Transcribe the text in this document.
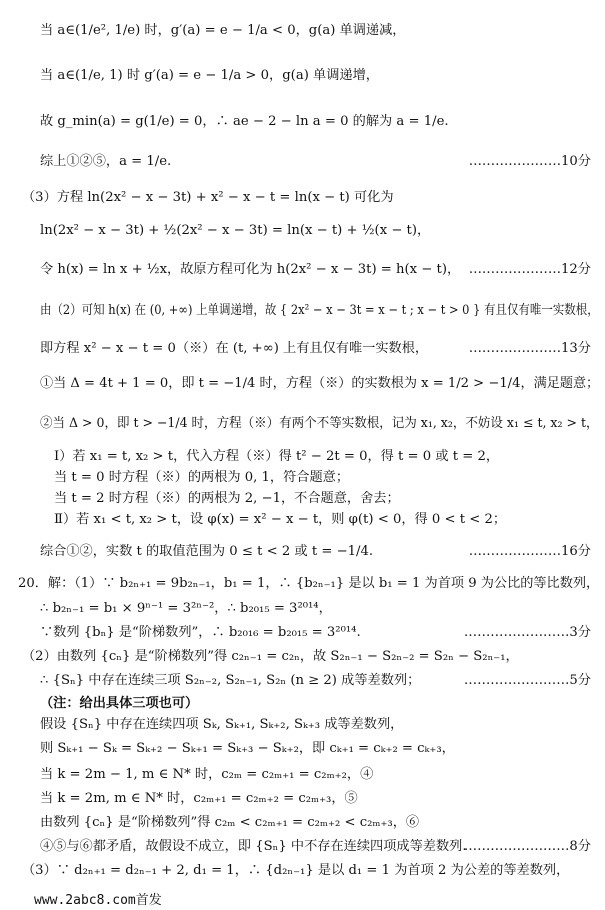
当 a∈(1/e², 1/e) 时，g′(a) = e − 1/a < 0，g(a) 单调递减，
当 a∈(1/e, 1) 时 g′(a) = e − 1/a > 0，g(a) 单调递增，
故 g_min(a) = g(1/e) = 0，∴ ae − 2 − ln a = 0 的解为 a = 1/e.
综上①②⑤，a = 1/e.	…………………10分
（3）方程 ln(2x² − x − 3t) + x² − x − t = ln(x − t) 可化为
ln(2x² − x − 3t) + ½(2x² − x − 3t) = ln(x − t) + ½(x − t)，
令 h(x) = ln x + ½x，故原方程可化为 h(2x² − x − 3t) = h(x − t)， …………………12分
由（2）可知 h(x) 在 (0, +∞) 上单调递增，故 { 2x² − x − 3t = x − t ; x − t > 0 } 有且仅有唯一实数根，
即方程 x² − x − t = 0（※）在 (t, +∞) 上有且仅有唯一实数根，	…………………13分
①当 Δ = 4t + 1 = 0，即 t = −1/4 时，方程（※）的实数根为 x = 1/2 > −1/4，满足题意；
②当 Δ > 0，即 t > −1/4 时，方程（※）有两个不等实数根，记为 x₁, x₂，不妨设 x₁ ≤ t, x₂ > t，
Ⅰ）若 x₁ = t, x₂ > t，代入方程（※）得 t² − 2t = 0，得 t = 0 或 t = 2，
当 t = 0 时方程（※）的两根为 0, 1，符合题意；
当 t = 2 时方程（※）的两根为 2, −1，不合题意，舍去；
Ⅱ）若 x₁ < t, x₂ > t，设 φ(x) = x² − x − t，则 φ(t) < 0，得 0 < t < 2；
综合①②，实数 t 的取值范围为 0 ≤ t < 2 或 t = −1/4.	…………………16分
20．解：（1）∵ b₂ₙ₊₁ = 9b₂ₙ₋₁，b₁ = 1，∴ {b₂ₙ₋₁} 是以 b₁ = 1 为首项 9 为公比的等比数列，
∴ b₂ₙ₋₁ = b₁ × 9ⁿ⁻¹ = 3²ⁿ⁻²，∴ b₂₀₁₅ = 3²⁰¹⁴，
∵数列 {bₙ} 是“阶梯数列”，∴ b₂₀₁₆ = b₂₀₁₅ = 3²⁰¹⁴.	……………………3分
（2）由数列 {cₙ} 是“阶梯数列”得 c₂ₙ₋₁ = c₂ₙ，故 S₂ₙ₋₁ − S₂ₙ₋₂ = S₂ₙ − S₂ₙ₋₁，
∴ {Sₙ} 中存在连续三项 S₂ₙ₋₂, S₂ₙ₋₁, S₂ₙ (n ≥ 2) 成等差数列；	……………………5分
（注：给出具体三项也可）
假设 {Sₙ} 中存在连续四项 Sₖ, Sₖ₊₁, Sₖ₊₂, Sₖ₊₃ 成等差数列，
则 Sₖ₊₁ − Sₖ = Sₖ₊₂ − Sₖ₊₁ = Sₖ₊₃ − Sₖ₊₂，即 cₖ₊₁ = cₖ₊₂ = cₖ₊₃，
当 k = 2m − 1, m ∈ N* 时，c₂ₘ = c₂ₘ₊₁ = c₂ₘ₊₂，④
当 k = 2m, m ∈ N* 时，c₂ₘ₊₁ = c₂ₘ₊₂ = c₂ₘ₊₃，⑤
由数列 {cₙ} 是“阶梯数列”得 c₂ₘ < c₂ₘ₊₁ = c₂ₘ₊₂ < c₂ₘ₊₃，⑥
④⑤与⑥都矛盾，故假设不成立，即 {Sₙ} 中不存在连续四项成等差数列.
……………………8分
（3）∵ d₂ₙ₊₁ = d₂ₙ₋₁ + 2, d₁ = 1，∴ {d₂ₙ₋₁} 是以 d₁ = 1 为首项 2 为公差的等差数列，
www.2abc8.com首发
